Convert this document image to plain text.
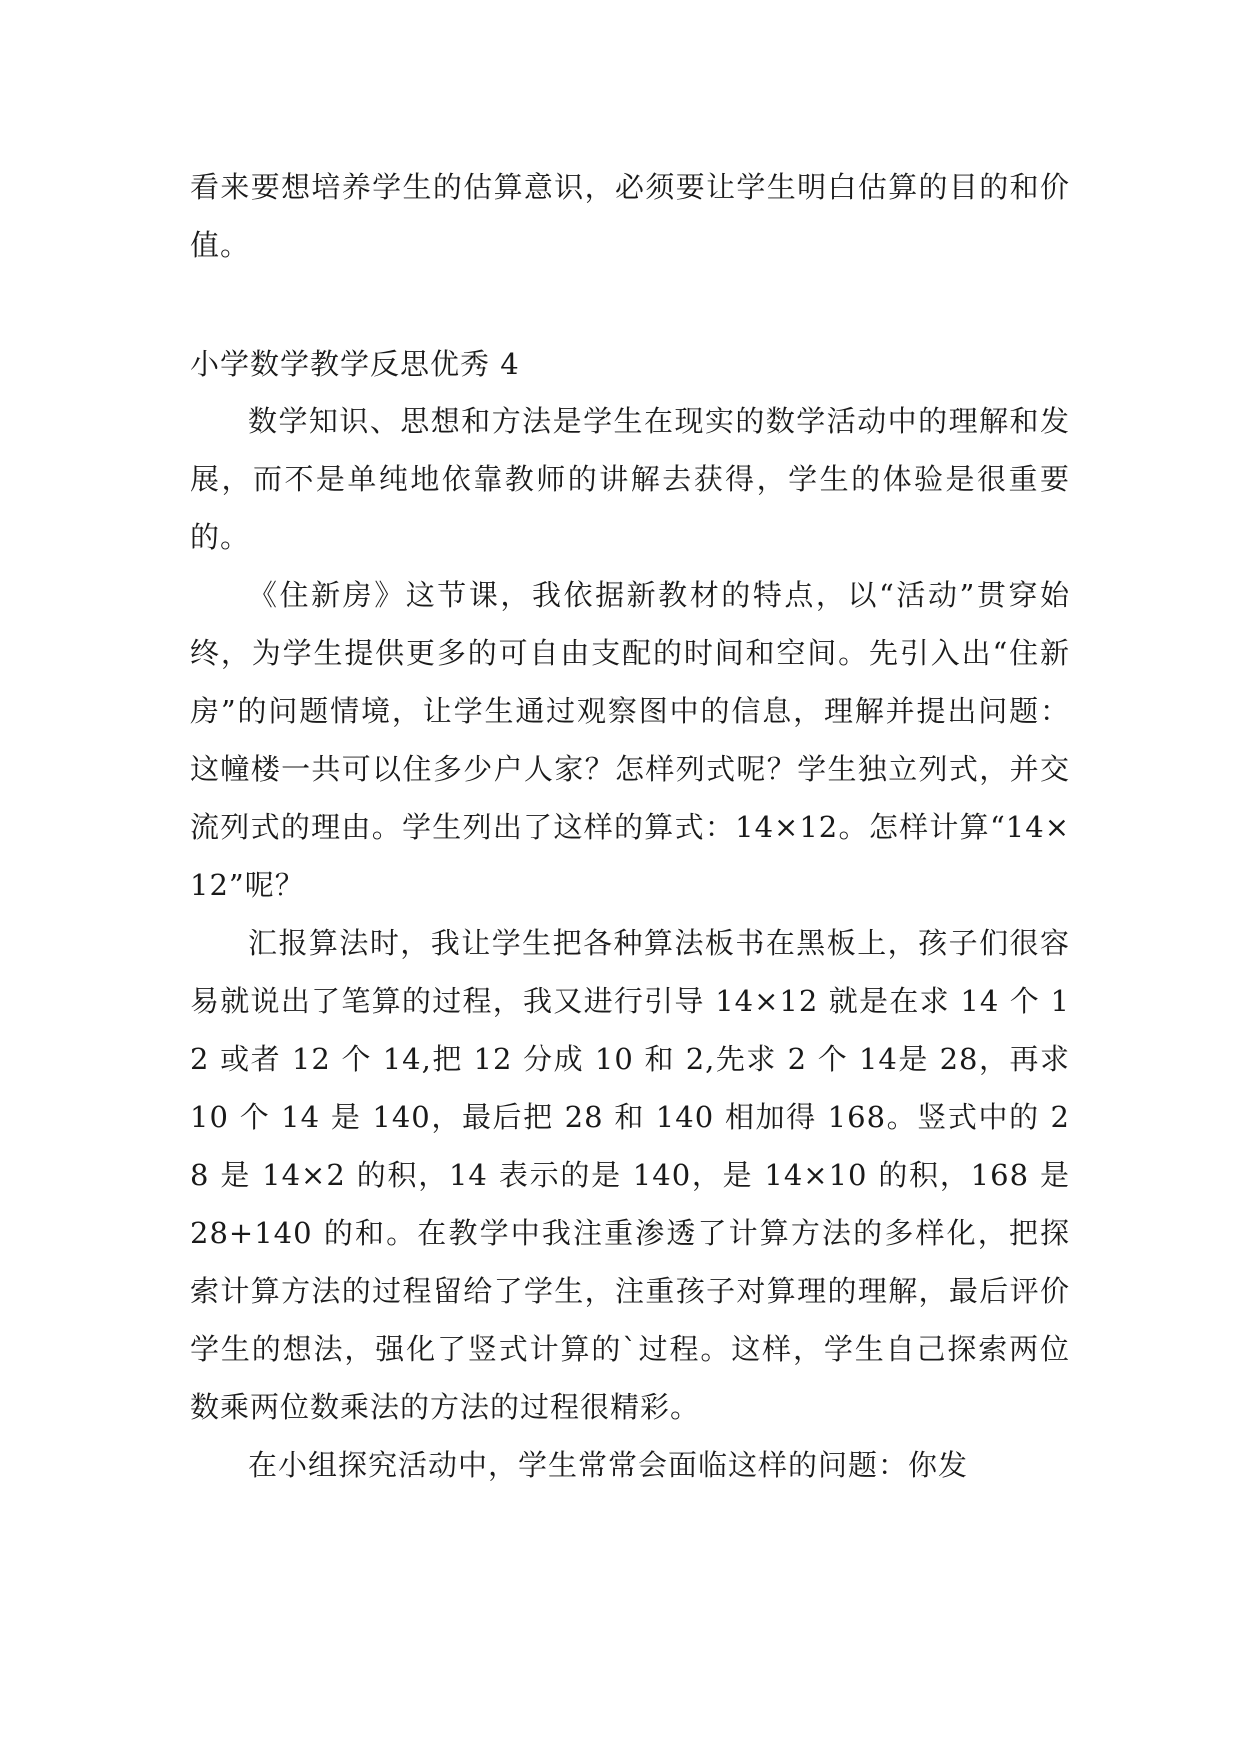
看来要想培养学生的估算意识，必须要让学生明白估算的目的和价值。

小学数学教学反思优秀 4

数学知识、思想和方法是学生在现实的数学活动中的理解和发展，而不是单纯地依靠教师的讲解去获得，学生的体验是很重要的。

《住新房》这节课，我依据新教材的特点，以“活动”贯穿始终，为学生提供更多的可自由支配的时间和空间。先引入出“住新房”的问题情境，让学生通过观察图中的信息，理解并提出问题：这幢楼一共可以住多少户人家？怎样列式呢？学生独立列式，并交流列式的理由。学生列出了这样的算式：14×12。怎样计算“14×12”呢？

汇报算法时，我让学生把各种算法板书在黑板上，孩子们很容易就说出了笔算的过程，我又进行引导 14×12 就是在求 14 个 12 或者 12 个 14,把 12 分成 10 和 2,先求 2 个 14是 28，再求 10 个 14 是 140，最后把 28 和 140 相加得 168。竖式中的 28 是 14×2 的积，14 表示的是 140，是 14×10 的积，168 是 28+140 的和。在教学中我注重渗透了计算方法的多样化，把探索计算方法的过程留给了学生，注重孩子对算理的理解，最后评价学生的想法，强化了竖式计算的`过程。这样，学生自己探索两位数乘两位数乘法的方法的过程很精彩。

在小组探究活动中，学生常常会面临这样的问题：你发
